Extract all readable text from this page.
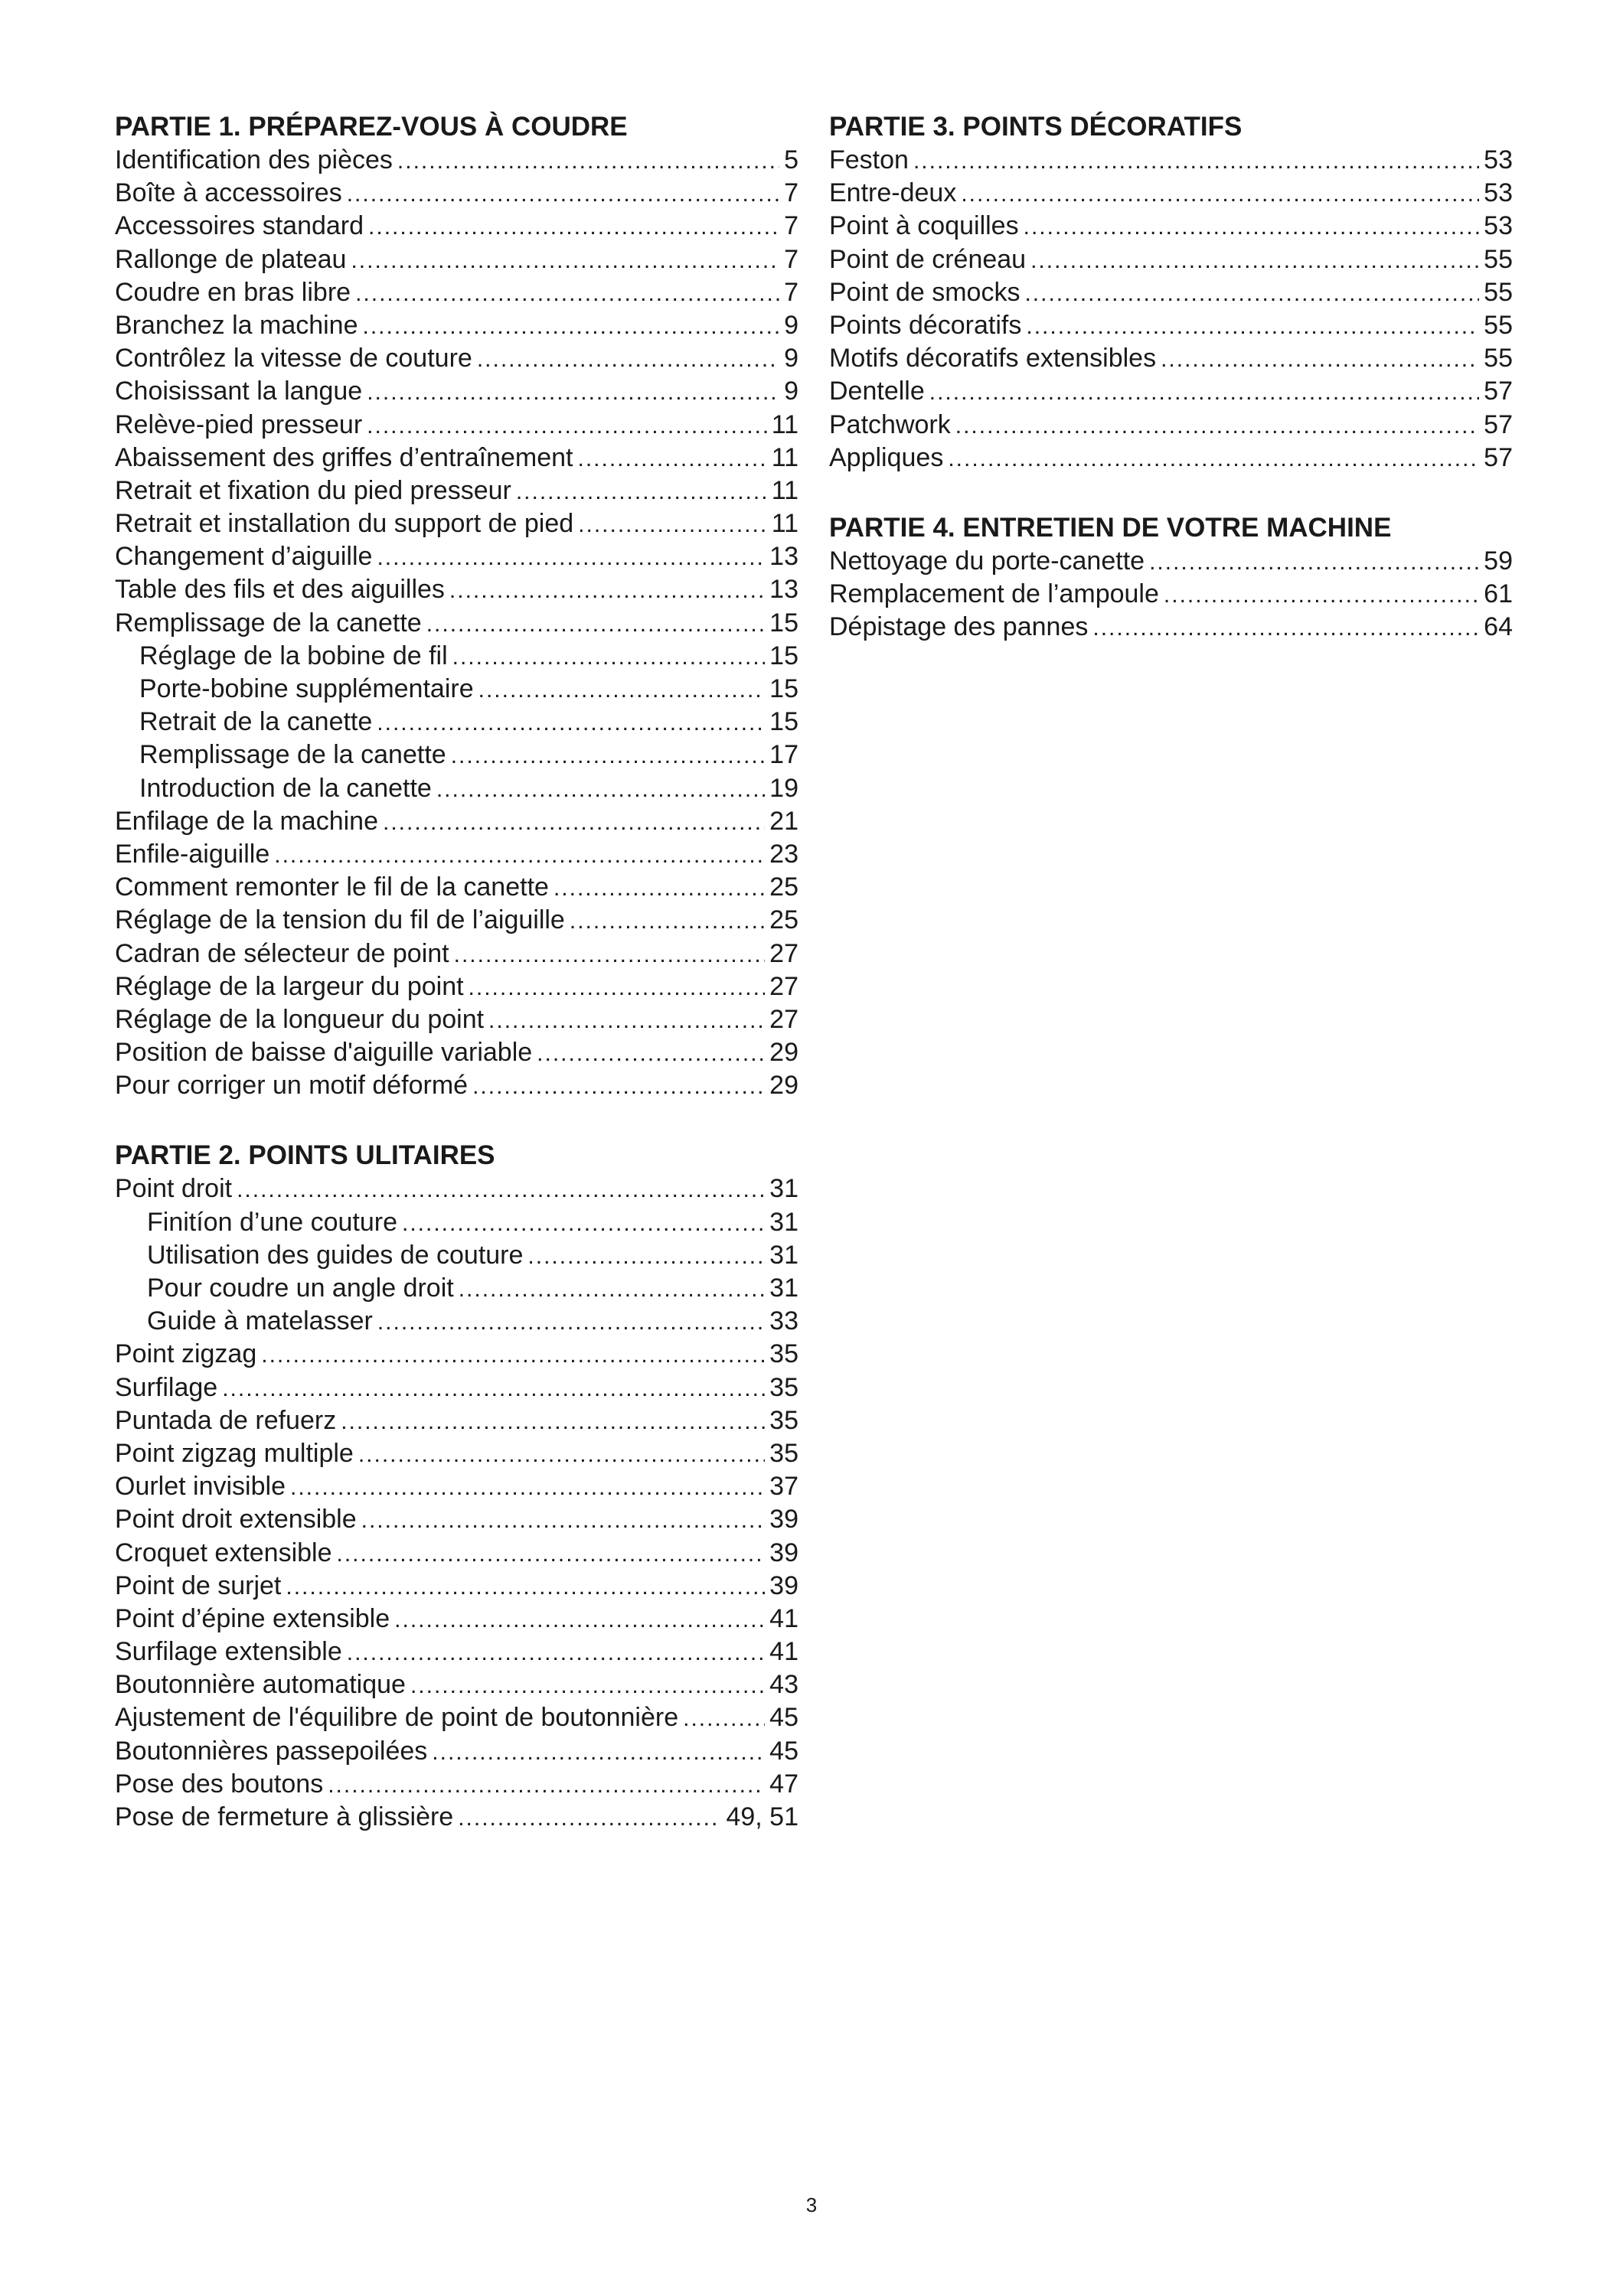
PARTIE 1. PRÉPAREZ-VOUS À COUDRE
Identification des pièces .....	5
Boîte à accessoires .....	7
Accessoires standard .....	7
Rallonge de plateau .....	7
Coudre en bras libre .....	7
Branchez la machine .....	9
Contrôlez la vitesse de couture .....	9
Choisissant la langue .....	9
Relève-pied presseur .....	11
Abaissement des griffes d’entraînement .....	11
Retrait et fixation du pied presseur .....	11
Retrait et installation du support de pied .....	11
Changement d’aiguille .....	13
Table des fils et des aiguilles .....	13
Remplissage de la canette .....	15
Réglage de la bobine de fil .....	15
Porte-bobine supplémentaire .....	15
Retrait de la canette .....	15
Remplissage de la canette .....	17
Introduction de la canette .....	19
Enfilage de la machine .....	21
Enfile-aiguille .....	23
Comment remonter le fil de la canette .....	25
Réglage de la tension du fil de l’aiguille .....	25
Cadran de sélecteur de point .....	27
Réglage de la largeur du point .....	27
Réglage de la longueur du point .....	27
Position de baisse d'aiguille variable .....	29
Pour corriger un motif déformé .....	29
PARTIE 2. POINTS ULITAIRES
Point droit .....	31
Finitíon d’une couture .....	31
Utilisation des guides de couture .....	31
Pour coudre un angle droit .....	31
Guide à matelasser .....	33
Point zigzag .....	35
Surfilage .....	35
Puntada de refuerz .....	35
Point zigzag multiple .....	35
Ourlet invisible .....	37
Point droit extensible .....	39
Croquet extensible .....	39
Point de surjet .....	39
Point d’épine extensible .....	41
Surfilage extensible .....	41
Boutonnière automatique .....	43
Ajustement de l'équilibre de point de boutonnière .....	45
Boutonnières passepoilées .....	45
Pose des boutons .....	47
Pose de fermeture à glissière .....	49, 51
PARTIE 3. POINTS DÉCORATIFS
Feston .....	53
Entre-deux .....	53
Point à coquilles .....	53
Point de créneau .....	55
Point de smocks .....	55
Points décoratifs .....	55
Motifs décoratifs extensibles .....	55
Dentelle .....	57
Patchwork .....	57
Appliques .....	57
PARTIE 4. ENTRETIEN DE VOTRE MACHINE
Nettoyage du porte-canette .....	59
Remplacement de l’ampoule .....	61
Dépistage des pannes .....	64
3
